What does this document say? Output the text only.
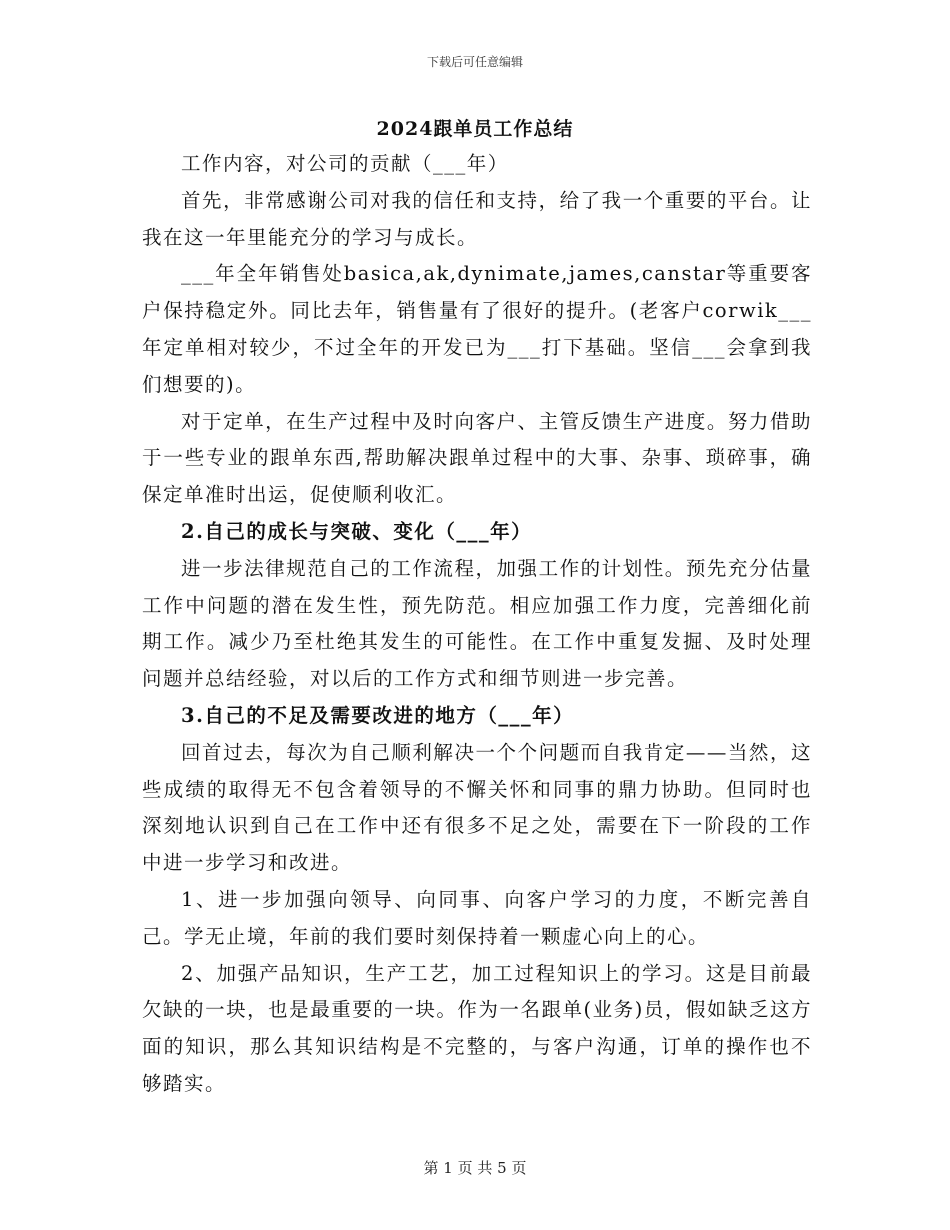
下载后可任意编辑
2024跟单员工作总结

工作内容，对公司的贡献（___年）

首先，非常感谢公司对我的信任和支持，给了我一个重要的平台。让我在这一年里能充分的学习与成长。

___年全年销售处basica,ak,dynimate,james,canstar等重要客户保持稳定外。同比去年，销售量有了很好的提升。(老客户corwik___年定单相对较少，不过全年的开发已为___打下基础。坚信___会拿到我们想要的)。

对于定单，在生产过程中及时向客户、主管反馈生产进度。努力借助于一些专业的跟单东西,帮助解决跟单过程中的大事、杂事、琐碎事，确保定单准时出运，促使顺利收汇。

2.自己的成长与突破、变化（___年）

进一步法律规范自己的工作流程，加强工作的计划性。预先充分估量工作中问题的潜在发生性，预先防范。相应加强工作力度，完善细化前期工作。减少乃至杜绝其发生的可能性。在工作中重复发掘、及时处理问题并总结经验，对以后的工作方式和细节则进一步完善。

3.自己的不足及需要改进的地方（___年）

回首过去，每次为自己顺利解决一个个问题而自我肯定——当然，这些成绩的取得无不包含着领导的不懈关怀和同事的鼎力协助。但同时也深刻地认识到自己在工作中还有很多不足之处，需要在下一阶段的工作中进一步学习和改进。

1、进一步加强向领导、向同事、向客户学习的力度，不断完善自己。学无止境，年前的我们要时刻保持着一颗虚心向上的心。

2、加强产品知识，生产工艺，加工过程知识上的学习。这是目前最欠缺的一块，也是最重要的一块。作为一名跟单(业务)员，假如缺乏这方面的知识，那么其知识结构是不完整的，与客户沟通，订单的操作也不够踏实。

第 1 页 共 5 页
